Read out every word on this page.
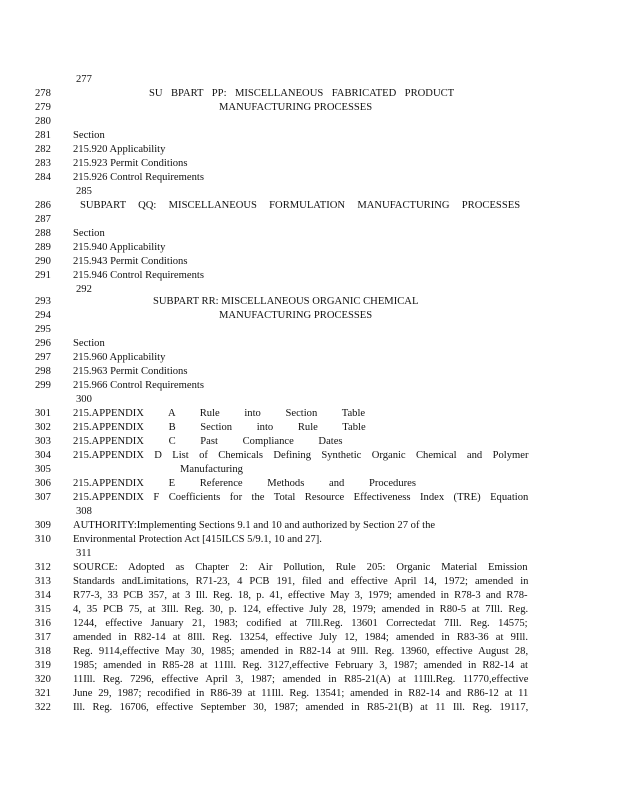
277
278	SU BPART PP: MISCELLANEOUS FABRICATED PRODUCT
279	MANUFACTURING PROCESSES
280
281 Section
282 215.920 Applicability
283 215.923 Permit Conditions
284 215.926 Control Requirements
285
286	SUBPART QQ: MISCELLANEOUS FORMULATION MANUFACTURING PROCESSES
287
288 Section
289 215.940 Applicability
290 215.943 Permit Conditions
291 215.946 Control Requirements
292
293	SUBPART RR: MISCELLANEOUS ORGANIC CHEMICAL
294	MANUFACTURING PROCESSES
295
296 Section
297 215.960 Applicability
298 215.963 Permit Conditions
299 215.966 Control Requirements
300
301 215.APPENDIX A Rule into Section Table
302 215.APPENDIX B Section into Rule Table
303 215.APPENDIX C Past Compliance Dates
304 215.APPENDIX D List of Chemicals Defining Synthetic Organic Chemical and Polymer
305	Manufacturing
306 215.APPENDIX E Reference Methods and Procedures
307 215.APPENDIX F Coefficients for the Total Resource Effectiveness Index (TRE) Equation
308
309 AUTHORITY:Implementing Sections 9.1 and 10 and authorized by Section 27 of the
310 Environmental Protection Act [415ILCS 5/9.1, 10 and 27].
311
312 SOURCE: Adopted as Chapter 2: Air Pollution, Rule 205: Organic Material Emission
313 Standards andLimitations, R71-23, 4 PCB 191, filed and effective April 14, 1972; amended in
314 R77-3, 33 PCB 357, at 3 Ill. Reg. 18, p. 41, effective May 3, 1979; amended in R78-3 and R78-
315 4, 35 PCB 75, at 3Ill. Reg. 30, p. 124, effective July 28, 1979; amended in R80-5 at 7Ill. Reg.
316 1244, effective January 21, 1983; codified at 7Ill.Reg. 13601 Correctedat 7Ill. Reg. 14575;
317 amended in R82-14 at 8Ill. Reg. 13254, effective July 12, 1984; amended in R83-36 at 9Ill.
318 Reg. 9114,effective May 30, 1985; amended in R82-14 at 9Ill. Reg. 13960, effective August 28,
319 1985; amended in R85-28 at 11Ill. Reg. 3127,effective February 3, 1987; amended in R82-14 at
320 11Ill. Reg. 7296, effective April 3, 1987; amended in R85-21(A) at 11Ill.Reg. 11770,effective
321 June 29, 1987; recodified in R86-39 at 11Ill. Reg. 13541; amended in R82-14 and R86-12 at 11
322 Ill. Reg. 16706, effective September 30, 1987; amended in R85-21(B) at 11 Ill. Reg. 19117,
